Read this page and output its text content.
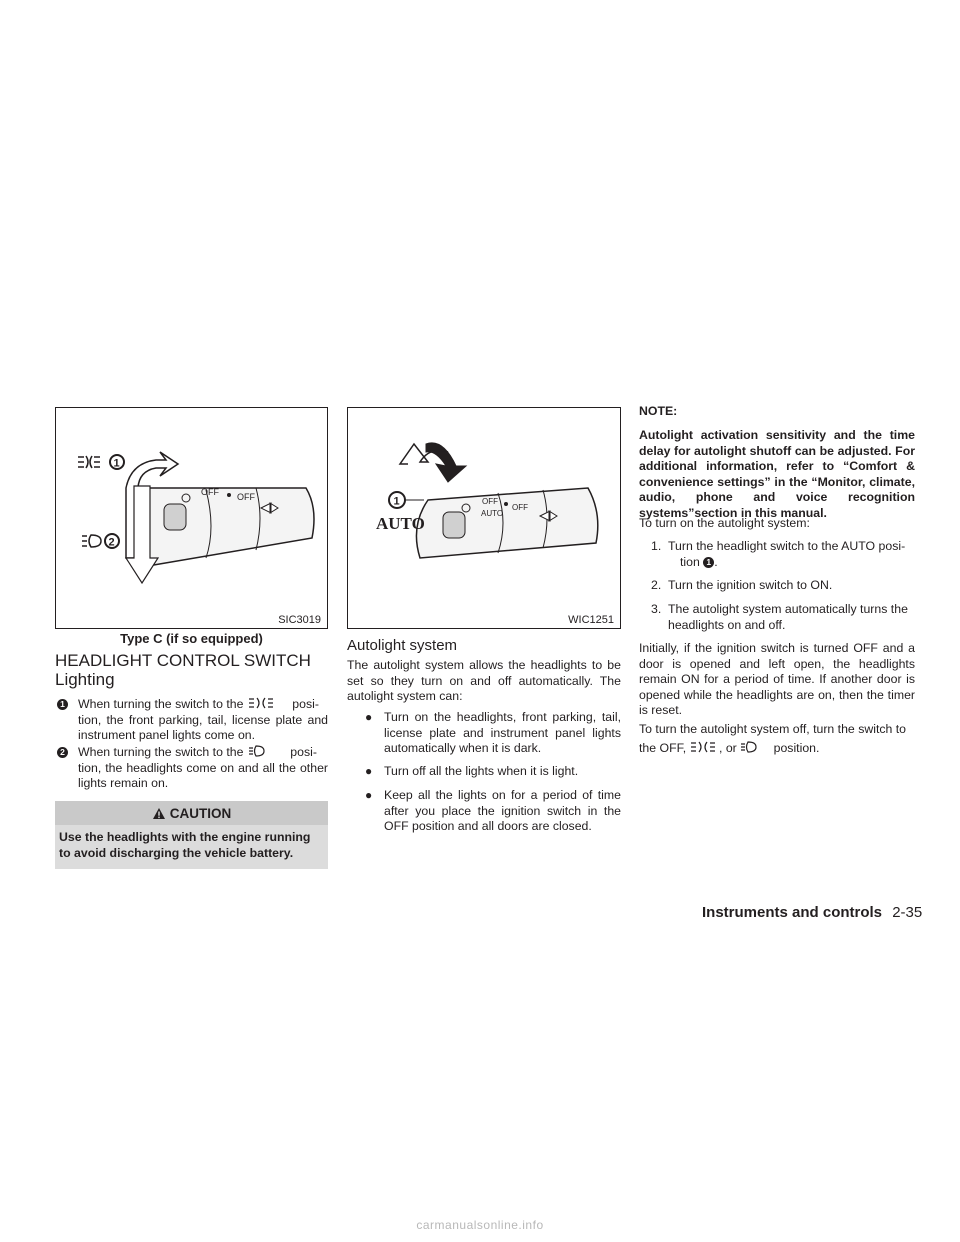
OFF OFF
1
2
SIC3019
Type C (if so equipped)
OFF
AUTO
OFF
1
AUTO
WIC1251
HEADLIGHT CONTROL SWITCH
Lighting
1 When turning the switch to the	posi-
tion, the front parking, tail, license plate and instrument panel lights come on.
2 When turning the switch to the	posi-
tion, the headlights come on and all the other lights remain on.
CAUTION
Use the headlights with the engine running to avoid discharging the vehicle battery.
Autolight system
The autolight system allows the headlights to be set so they turn on and off automatically. The autolight system can:
● Turn on the headlights, front parking, tail, license plate and instrument panel lights automatically when it is dark.
● Turn off all the lights when it is light.
● Keep all the lights on for a period of time after you place the ignition switch in the OFF position and all doors are closed.
NOTE:
Autolight activation sensitivity and the time delay for autolight shutoff can be adjusted. For additional information, refer to “Comfort & convenience settings” in the “Monitor, climate, audio, phone and voice recognition systems”section in this manual.
To turn on the autolight system:
1. Turn the headlight switch to the AUTO posi-
tion 1 .
2. Turn the ignition switch to ON.
3. The autolight system automatically turns the headlights on and off.
Initially, if the ignition switch is turned OFF and a door is opened and left open, the headlights remain ON for a period of time. If another door is opened while the headlights are on, then the timer is reset.
To turn the autolight system off, turn the switch to
the OFF,	, or	position.
Instruments and controls 2-35
carmanualsonline.info
